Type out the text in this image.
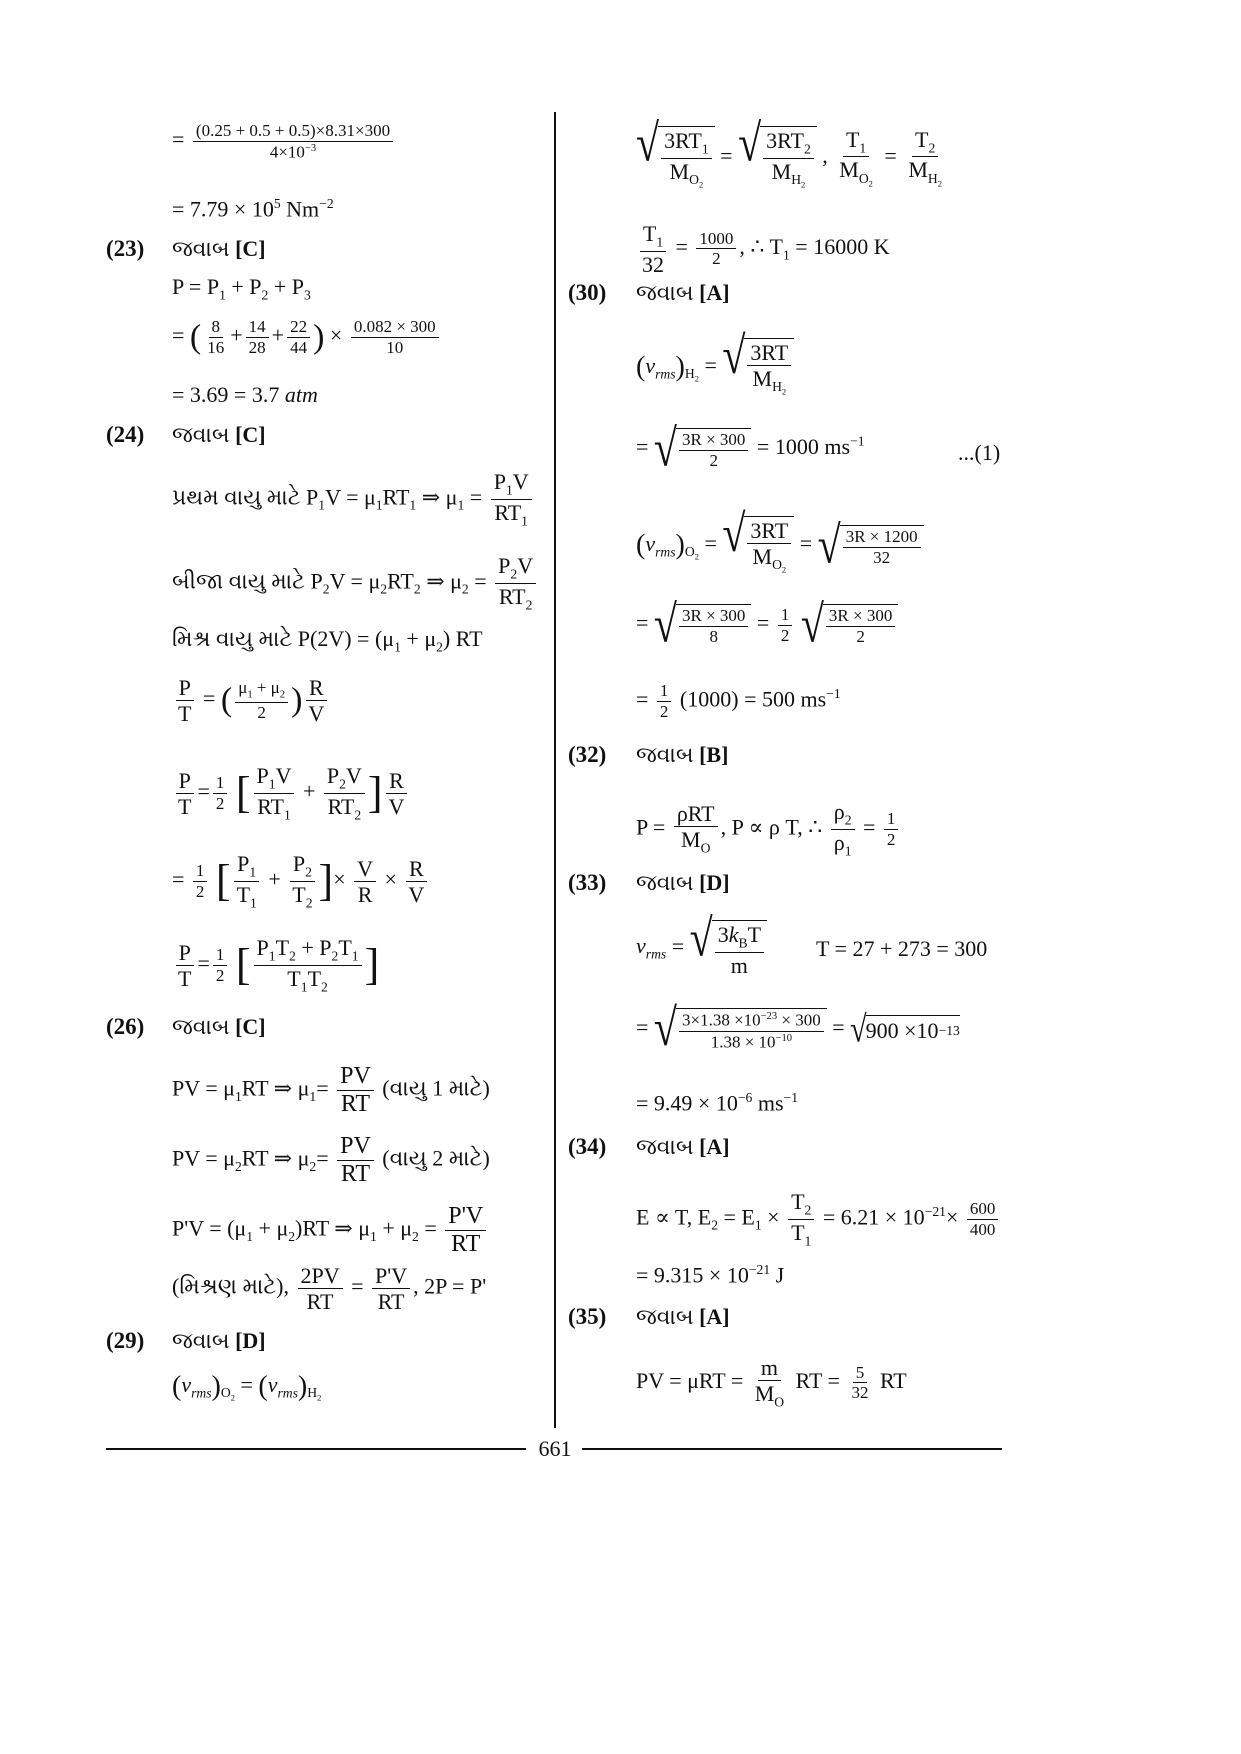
= $\frac{(0.25 + 0.5 + 0.5)\times 8.31\times 300}{4\times 10^{-3}}$
= $7.79 \times 10^5$ $Nm^{-2}$
(23) જવાબ [C]
$P = P_1 + P_2 + P_3$
= ( $\frac{8}{16} + \frac{14}{28} + \frac{22}{44}$ ) × $\frac{0.082 \times 300}{10}$
= 3.69 = 3.7 atm
(24) જવાબ [C]
પ્રથમ વાયુ માટે $P_1V = \mu_1RT_1$ ⇒ $\mu_1 = \frac{P_1V}{RT_1}$
બીજા વાયુ માટે $P_2V = \mu_2RT_2$ ⇒ $\mu_2 = \frac{P_2V}{RT_2}$
મિશ્ર વાયુ માટે $P(2V) = (\mu_1 + \mu_2)$ RT
$\frac{P}{T}$ = ( $\frac{\mu_1 + \mu_2}{2}$ ) $\frac{R}{V}$
$\frac{P}{T} = \frac{1}{2}$ [ $\frac{P_1V}{RT_1} + \frac{P_2V}{RT_2}$ ] $\frac{R}{V}$
= $\frac{1}{2}$ [ $\frac{P_1}{T_1} + \frac{P_2}{T_2}$ ]× $\frac{V}{R} \times \frac{R}{V}$
$\frac{P}{T} = \frac{1}{2}$ [ $\frac{P_1T_2 + P_2T_1}{T_1T_2}$ ]
(26) જવાબ [C]
PV = $\mu_1RT$ ⇒ $\mu_1= \frac{PV}{RT}$ (વાયુ 1 માટે)
PV = $\mu_2RT$ ⇒ $\mu_2= \frac{PV}{RT}$ (વાયુ 2 માટે)
$P'V = (\mu_1 + \mu_2)RT$ ⇒ $\mu_1 + \mu_2 = \frac{P'V}{RT}$
(મિશ્રણ માટે), $\frac{2PV}{RT} = \frac{P'V}{RT}$ , 2P = P'
(29) જવાબ [D]
$(v_{rms})_{O_2} = (v_{rms})_{H_2}$
√ $\frac{3RT_1}{M_{O_2}}$ = √ $\frac{3RT_2}{M_{H_2}}$ , $\frac{T_1}{M_{O_2}} = \frac{T_2}{M_{H_2}}$
$\frac{T_1}{32} = \frac{1000}{2}$ , ∴ $T_1 = 16000$ K
(30) જવાબ [A]
$(v_{rms})_{H_2}$ = √ $\frac{3RT}{M_{H_2}}$
= √ $\frac{3R \times 300}{2} = 1000$ $ms^{-1}$	...(1)
$(v_{rms})_{O_2}$ = √ $\frac{3RT}{M_{O_2}}$ = √ $\frac{3R \times 1200}{32}$
= √ $\frac{3R \times 300}{8} = \frac{1}{2}$
√ $\frac{3R \times 300}{2}$
= $\frac{1}{2} (1000) = 500$ $ms^{-1}$
(32) જવાબ [B]
$P = \frac{\text{ρRT}}{M_O}$ , P ∝ ρ T, ∴ $\frac{\rho_2}{\rho_1} = \frac{1}{2}$
(33) જવાબ [D]
$v_{rms}$ = √ $\frac{3k_BT}{m}$ T = 27 + 273 = 300
= √ $\frac{3\times 1.38 \times 10^{-23} \times 300}{1.38 \times 10^{-10}}$ = √ 900 ×10 −13
= $9.49 \times 10^{-6}$ $ms^{-1}$
(34) જવાબ [A]
E ∝ T, $E_2 = E_1 \times \frac{T_2}{T_1} = 6.21 \times 10^{-21}\times \frac{600}{400}$
= $9.315 \times 10^{-21}$ J
(35) જવાબ [A]
PV = $\mu RT = \frac{m}{M_O}$ RT = $\frac{5}{32}$ RT
661
